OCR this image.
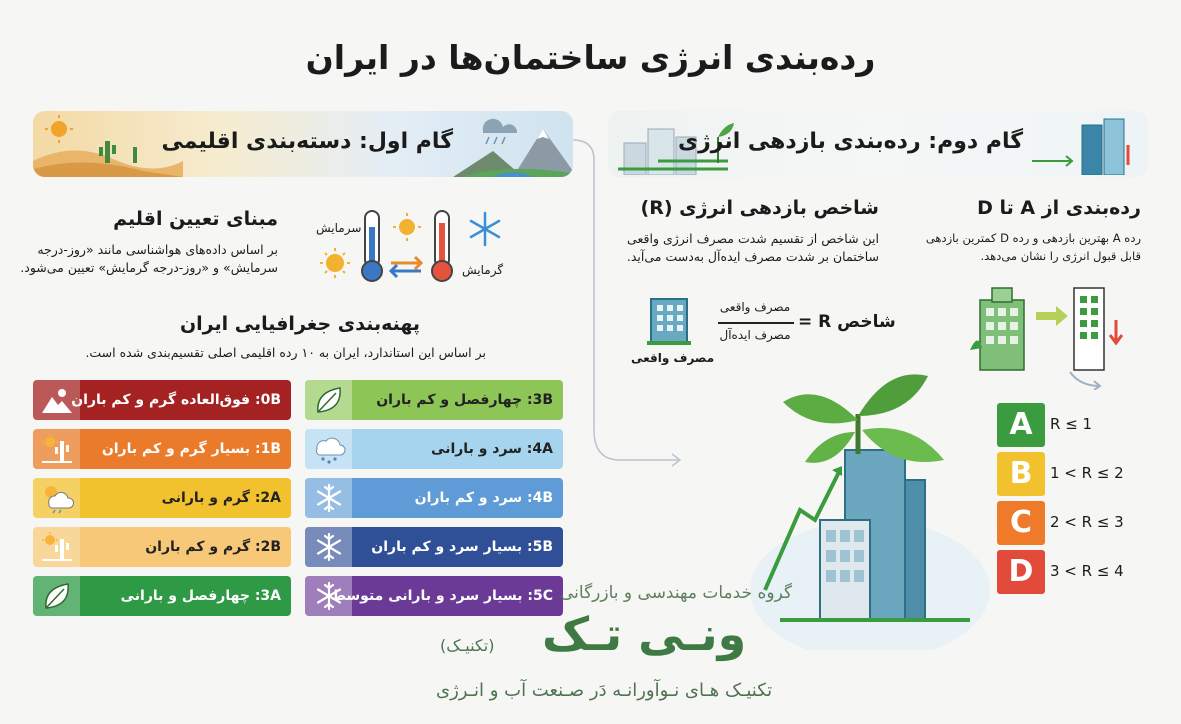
رده‌بندی انرژی ساختمان‌ها در ایران
گام اول: دسته‌بندی اقلیمی
مبنای تعیین اقلیم
بر اساس داده‌های هواشناسی مانند «روز-درجه
سرمایش» و «روز-درجه گرمایش» تعیین می‌شود.
سرمایش
گرمایش
پهنه‌بندی جغرافیایی ایران
بر اساس این استاندارد، ایران به ۱۰ رده اقلیمی اصلی تقسیم‌بندی شده است.
0B: فوق‌العاده گرم و کم باران
1B: بسیار گرم و کم باران
2A: گرم و بارانی
2B: گرم و کم باران
3A: چهارفصل و بارانی
3B: چهارفصل و کم باران
4A: سرد و بارانی
4B: سرد و کم باران
5B: بسیار سرد و کم باران
5C: بسیار سرد و بارانی متوسط
گام دوم: رده‌بندی بازدهی انرژی
شاخص بازدهی انرژی (R)
این شاخص از تقسیم شدت مصرف انرژی واقعی
ساختمان بر شدت مصرف ایده‌آل به‌دست می‌آید.
رده‌بندی از A تا D
رده A بهترین بازدهی و رده D کمترین بازدهی
قابل قبول انرژی را نشان می‌دهد.
مصرف واقعی
مصرف واقعی
مصرف ایده‌آل
شاخص R =
A	R ≤ 1
B	1 < R ≤ 2
C	2 < R ≤ 3
D	3 < R ≤ 4
گروه خدمات مهندسی و بازرگانی
ونـی تـک
(تکنیـک)
تکنیـک هـای نـوآورانـه دَر صـنعت آب و انـرژی
